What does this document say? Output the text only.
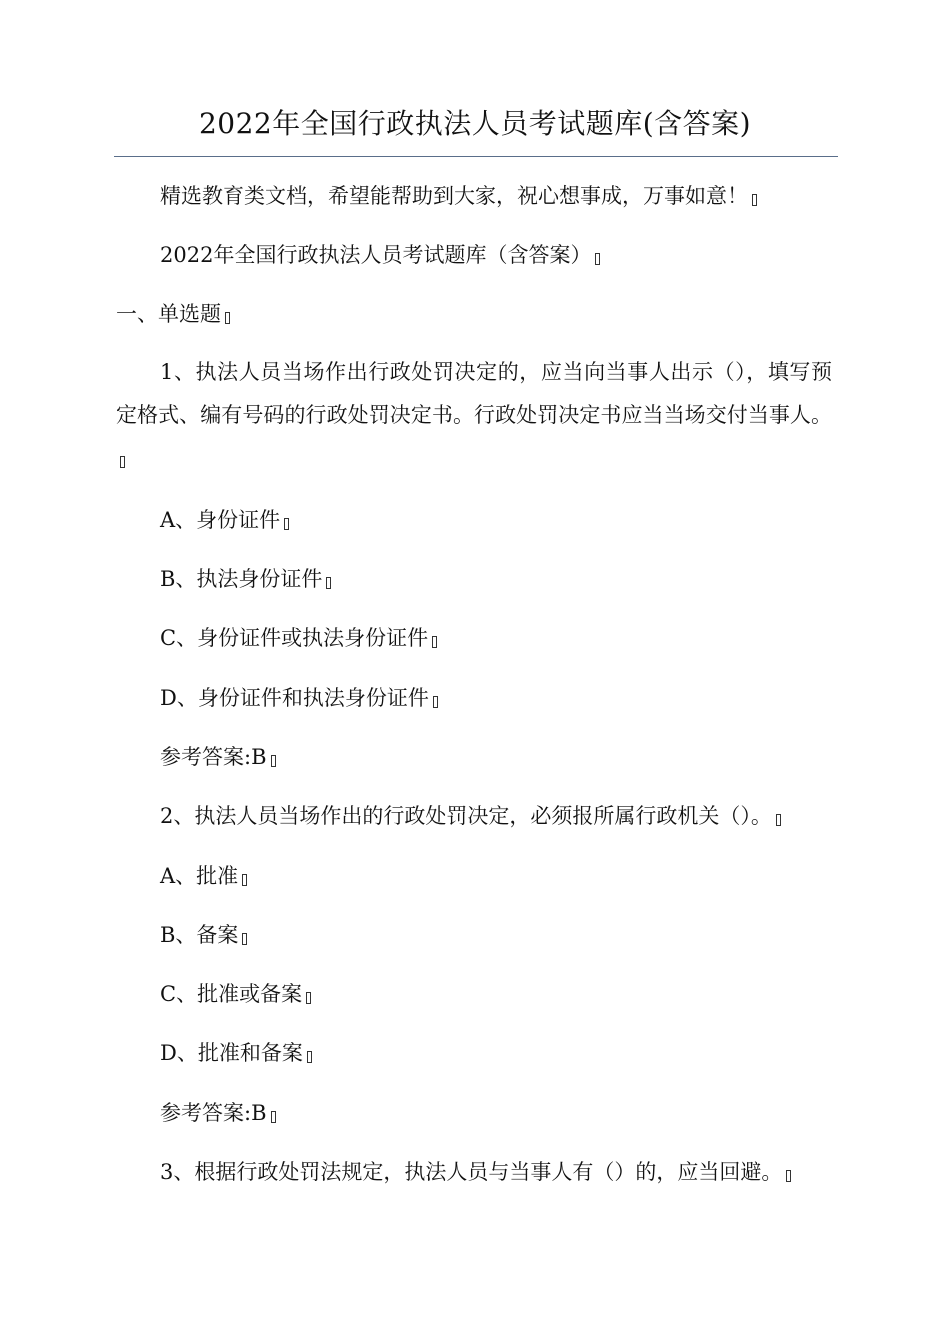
2022年全国行政执法人员考试题库(含答案)
精选教育类文档，希望能帮助到大家，祝心想事成，万事如意！
2022年全国行政执法人员考试题库（含答案）
一、单选题
1、执法人员当场作出行政处罚决定的，应当向当事人出示（），填写预定格式、编有号码的行政处罚决定书。行政处罚决定书应当当场交付当事人。
A、身份证件
B、执法身份证件
C、身份证件或执法身份证件
D、身份证件和执法身份证件
参考答案:B
2、执法人员当场作出的行政处罚决定，必须报所属行政机关（）。
A、批准
B、备案
C、批准或备案
D、批准和备案
参考答案:B
3、根据行政处罚法规定，执法人员与当事人有（）的，应当回避。
